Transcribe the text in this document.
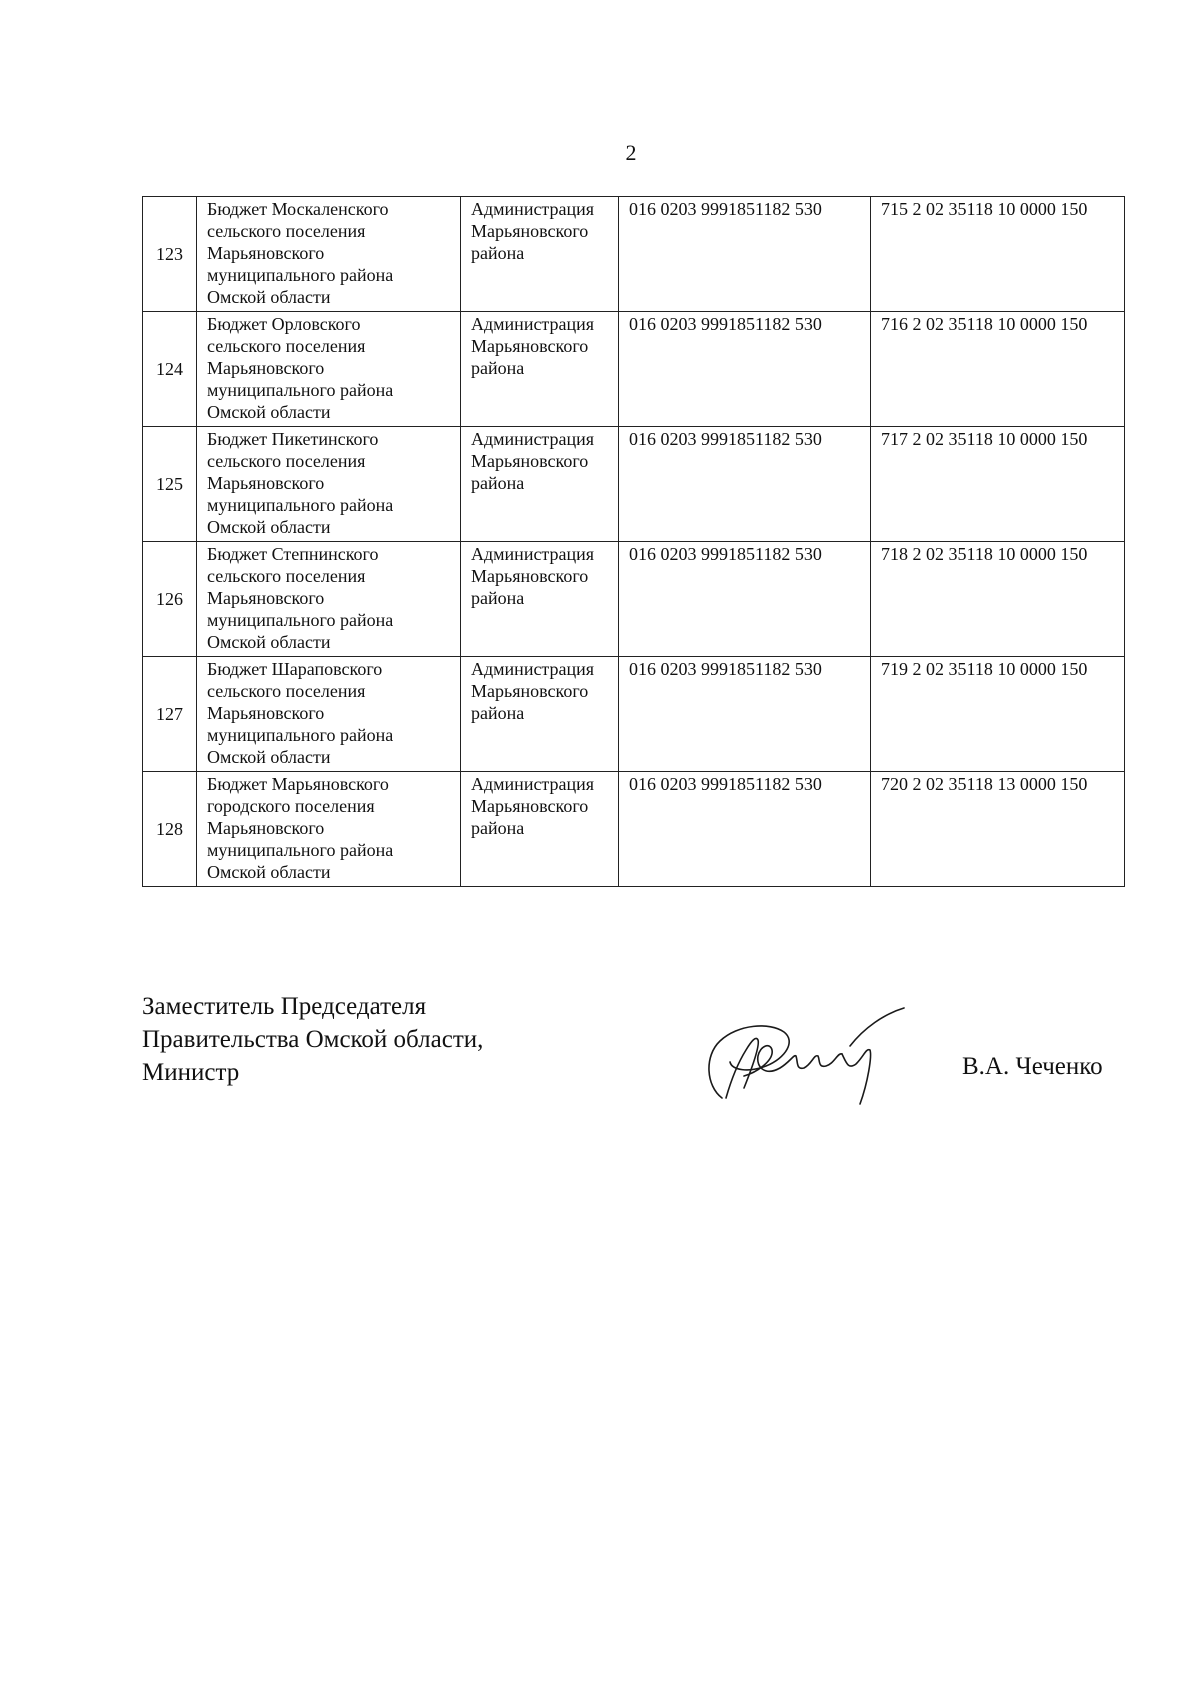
2
123	Бюджет Москаленского
сельского поселения
Марьяновского
муниципального района
Омской области	Администрация
Марьяновского
района	016 0203 9991851182 530	715 2 02 35118 10 0000 150
124	Бюджет Орловского
сельского поселения
Марьяновского
муниципального района
Омской области	Администрация
Марьяновского
района	016 0203 9991851182 530	716 2 02 35118 10 0000 150
125	Бюджет Пикетинского
сельского поселения
Марьяновского
муниципального района
Омской области	Администрация
Марьяновского
района	016 0203 9991851182 530	717 2 02 35118 10 0000 150
126	Бюджет Степнинского
сельского поселения
Марьяновского
муниципального района
Омской области	Администрация
Марьяновского
района	016 0203 9991851182 530	718 2 02 35118 10 0000 150
127	Бюджет Шараповского
сельского поселения
Марьяновского
муниципального района
Омской области	Администрация
Марьяновского
района	016 0203 9991851182 530	719 2 02 35118 10 0000 150
128	Бюджет Марьяновского
городского поселения
Марьяновского
муниципального района
Омской области	Администрация
Марьяновского
района	016 0203 9991851182 530	720 2 02 35118 13 0000 150
Заместитель Председателя
Правительства Омской области,
Министр	В.А. Чеченко
